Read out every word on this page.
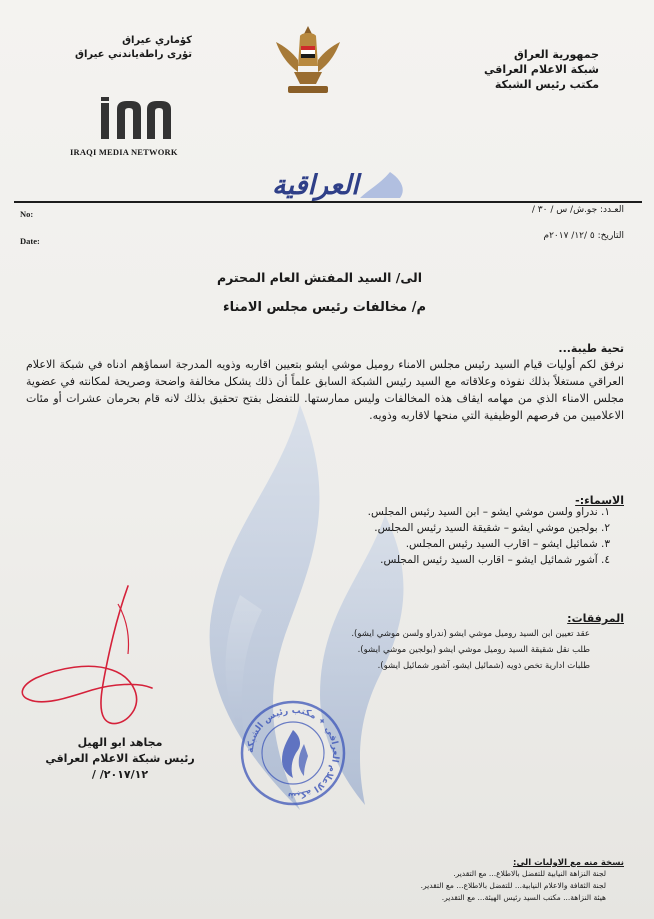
جمهورية العراق
شبكة الاعلام العراقي
مكتب رئيس الشبكة
كؤماري عيراق
تؤرى راطةياندني عيراق
IRAQI MEDIA NETWORK
العراقية
No:
Date:
العـدد: جو.ش/ س / ٣٠ /
التاريخ: ٥ /١٢/ ٢٠١٧م
الى/ السيد المفتش العام المحترم
م/ مخالفات رئيس مجلس الامناء
تحية طيبة...
نرفق لكم أوليات قيام السيد رئيس مجلس الامناء روميل موشي ايشو بتعيين اقاربه وذويه المدرجة اسماؤهم ادناه في شبكة الاعلام العراقي مستغلاً بذلك نفوذه وعلاقاته مع السيد رئيس الشبكة السابق علماً أن ذلك يشكل مخالفة واضحة وصريحة لمكانته في عضوية مجلس الامناء الذي من مهامه ايقاف هذه المخالفات وليس ممارستها. للتفضل بفتح تحقيق بذلك لانه قام بحرمان عشرات أو مئات الاعلاميين من فرصهم الوظيفية التي منحها لاقاربه وذويه.
الاسماء:-
١. ندراو ولسن موشي ايشو – ابن السيد رئيس المجلس.
٢. بولجين موشي ايشو – شقيقة السيد رئيس المجلس.
٣. شمائيل ايشو – اقارب السيد رئيس المجلس.
٤. آشور شمائيل ايشو – اقارب السيد رئيس المجلس.
المرفقات:
عقد تعيين ابن السيد روميل موشي ايشو (ندراو ولسن موشي ايشو).
طلب نقل شقيقة السيد روميل موشي ايشو (بولجين موشي ايشو).
طلبات ادارية تخص ذويه (شمائيل ايشو، آشور شمائيل ايشو).
مجاهد ابو الهيل
رئيس شبكة الاعلام العراقي
٢٠١٧/١٢/ /
شبكة الاعلام العراقي ✦ مكتب رئيس الشبكة
نسخة منه مع الاوليات الى:
لجنة النزاهة النيابية للتفضل بالاطلاع... مع التقدير.
لجنة الثقافة والاعلام النيابية... للتفضل بالاطلاع... مع التقدير.
هيئة النزاهة... مكتب السيد رئيس الهيئة... مع التقدير.
